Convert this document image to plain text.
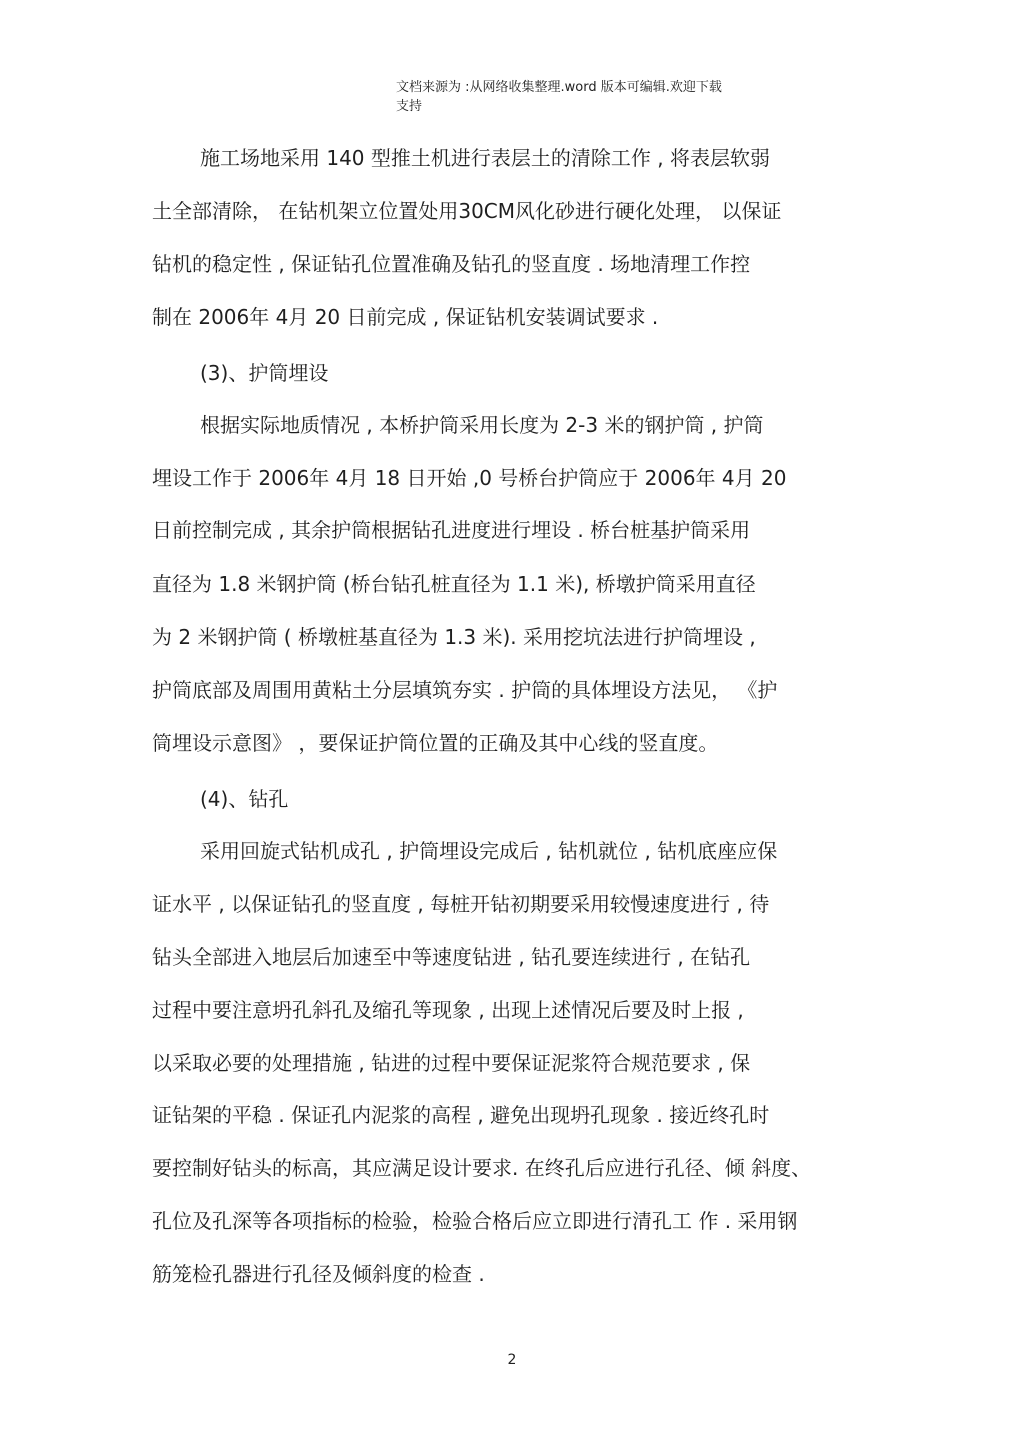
文档来源为 :从网络收集整理.word 版本可编辑.欢迎下载
支持
施工场地采用 140 型推土机进行表层土的清除工作 , 将表层软弱
土全部清除， 在钻机架立位置处用30CM风化砂进行硬化处理， 以保证
钻机的稳定性 , 保证钻孔位置准确及钻孔的竖直度 . 场地清理工作控
制在 2006年 4月 20 日前完成 , 保证钻机安装调试要求 .
(3)、护筒埋设
根据实际地质情况 , 本桥护筒采用长度为 2-3 米的钢护筒 , 护筒
埋设工作于 2006年 4月 18 日开始 ,0 号桥台护筒应于 2006年 4月 20
日前控制完成 , 其余护筒根据钻孔进度进行埋设 . 桥台桩基护筒采用
直径为 1.8 米钢护筒 (桥台钻孔桩直径为 1.1 米), 桥墩护筒采用直径
为 2 米钢护筒 ( 桥墩桩基直径为 1.3 米). 采用挖坑法进行护筒埋设 ,
护筒底部及周围用黄粘土分层填筑夯实 . 护筒的具体埋设方法见， 《护
筒埋设示意图》 ，要保证护筒位置的正确及其中心线的竖直度。
(4)、钻孔
采用回旋式钻机成孔 , 护筒埋设完成后 , 钻机就位 , 钻机底座应保
证水平 , 以保证钻孔的竖直度 , 每桩开钻初期要采用较慢速度进行 , 待
钻头全部进入地层后加速至中等速度钻进 , 钻孔要连续进行 , 在钻孔
过程中要注意坍孔斜孔及缩孔等现象 , 出现上述情况后要及时上报 ,
以采取必要的处理措施 , 钻进的过程中要保证泥浆符合规范要求 , 保
证钻架的平稳 . 保证孔内泥浆的高程 , 避免出现坍孔现象 . 接近终孔时
要控制好钻头的标高，其应满足设计要求. 在终孔后应进行孔径、倾 斜度、
孔位及孔深等各项指标的检验，检验合格后应立即进行清孔工 作 . 采用钢
筋笼检孔器进行孔径及倾斜度的检查 .
2
